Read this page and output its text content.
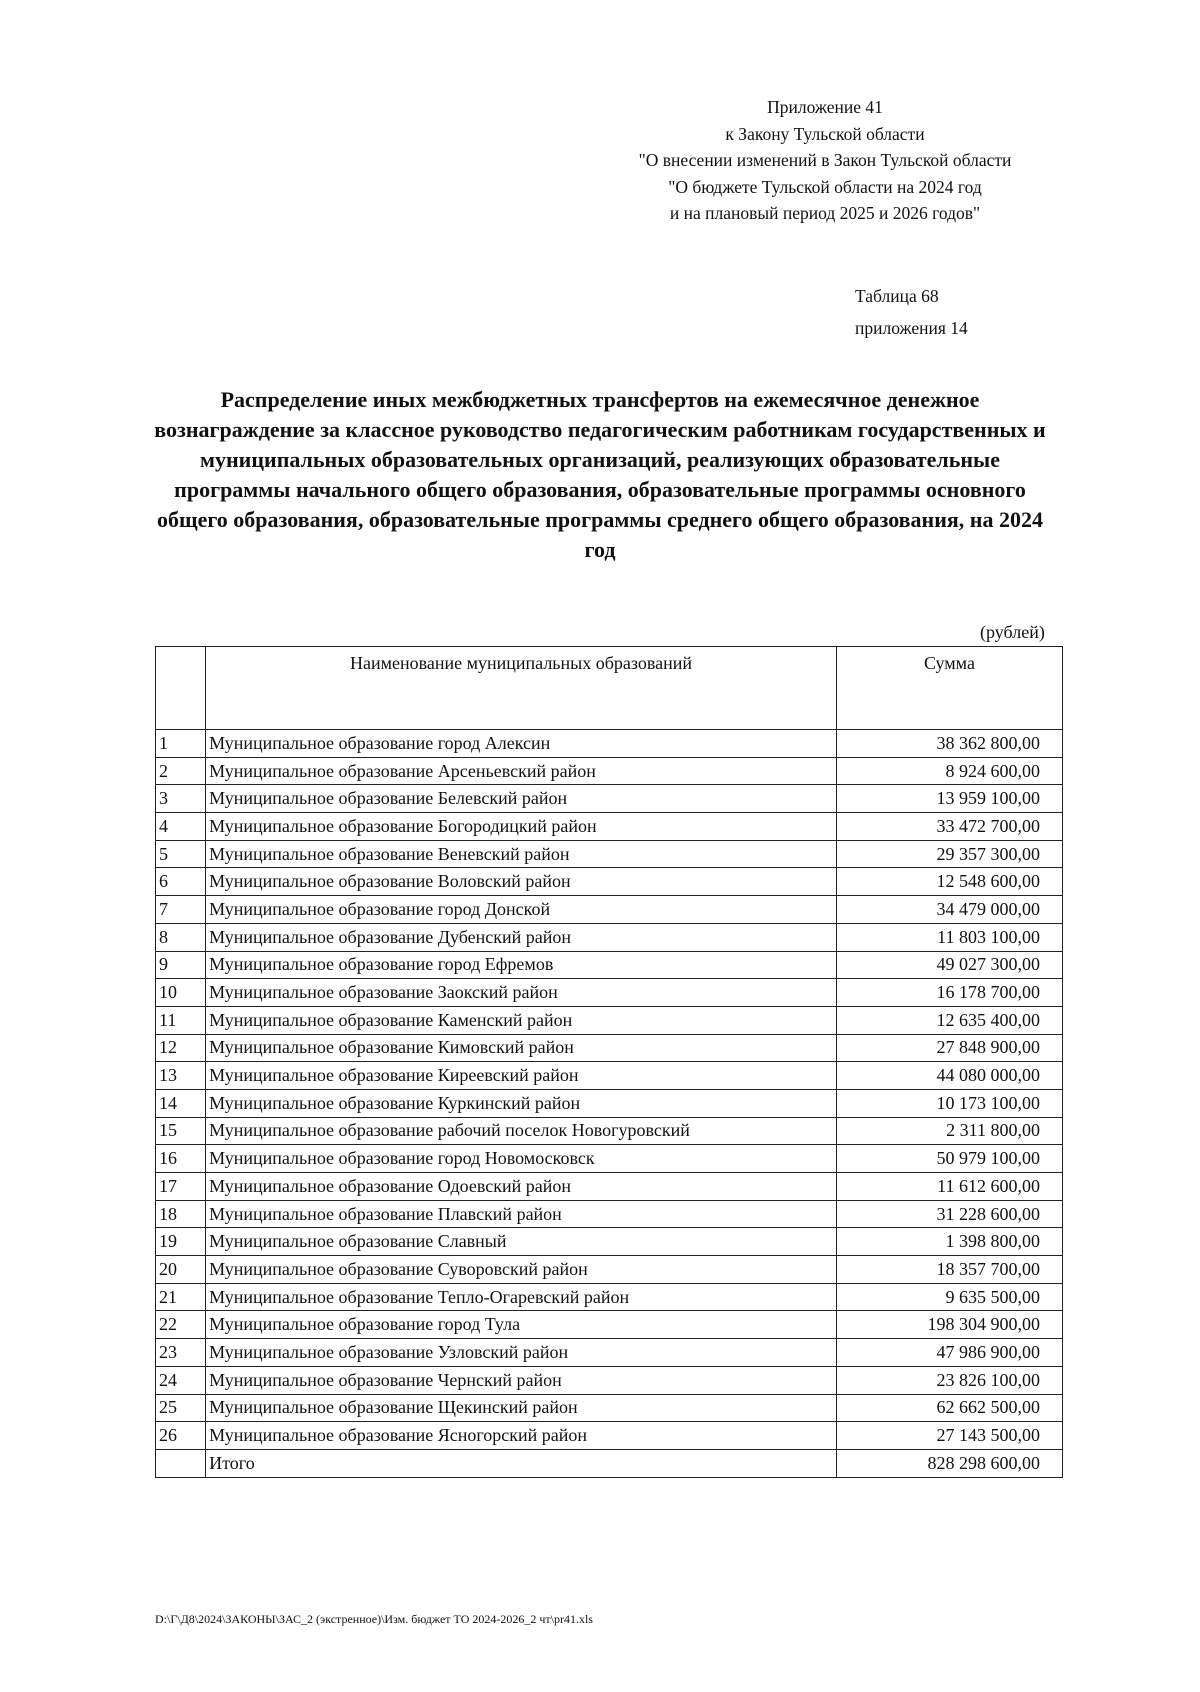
Приложение 41
к Закону Тульской области
"О внесении изменений в Закон Тульской области
"О бюджете Тульской области на 2024 год
и на плановый период 2025 и 2026 годов"
Таблица 68
приложения 14
Распределение иных межбюджетных трансфертов на ежемесячное денежное вознаграждение за классное руководство педагогическим работникам государственных и муниципальных образовательных организаций, реализующих образовательные программы начального общего образования, образовательные программы основного общего образования, образовательные программы среднего общего образования, на 2024 год
(рублей)
	Наименование муниципальных образований	Сумма
1	Муниципальное образование город Алексин	38 362 800,00
2	Муниципальное образование Арсеньевский район	8 924 600,00
3	Муниципальное образование Белевский район	13 959 100,00
4	Муниципальное образование Богородицкий район	33 472 700,00
5	Муниципальное образование Веневский район	29 357 300,00
6	Муниципальное образование Воловский район	12 548 600,00
7	Муниципальное образование город Донской	34 479 000,00
8	Муниципальное образование Дубенский район	11 803 100,00
9	Муниципальное образование город Ефремов	49 027 300,00
10	Муниципальное образование Заокский район	16 178 700,00
11	Муниципальное образование Каменский район	12 635 400,00
12	Муниципальное образование Кимовский район	27 848 900,00
13	Муниципальное образование Киреевский район	44 080 000,00
14	Муниципальное образование Куркинский район	10 173 100,00
15	Муниципальное образование рабочий поселок Новогуровский	2 311 800,00
16	Муниципальное образование город Новомосковск	50 979 100,00
17	Муниципальное образование Одоевский район	11 612 600,00
18	Муниципальное образование Плавский район	31 228 600,00
19	Муниципальное образование Славный	1 398 800,00
20	Муниципальное образование Суворовский район	18 357 700,00
21	Муниципальное образование Тепло-Огаревский район	9 635 500,00
22	Муниципальное образование город Тула	198 304 900,00
23	Муниципальное образование Узловский район	47 986 900,00
24	Муниципальное образование Чернский район	23 826 100,00
25	Муниципальное образование Щекинский район	62 662 500,00
26	Муниципальное образование Ясногорский район	27 143 500,00
	Итого	828 298 600,00
D:\Г\Д8\2024\ЗАКОНЫ\ЗАС_2 (экстренное)\Изм. бюджет ТО 2024-2026_2 чт\pr41.xls
